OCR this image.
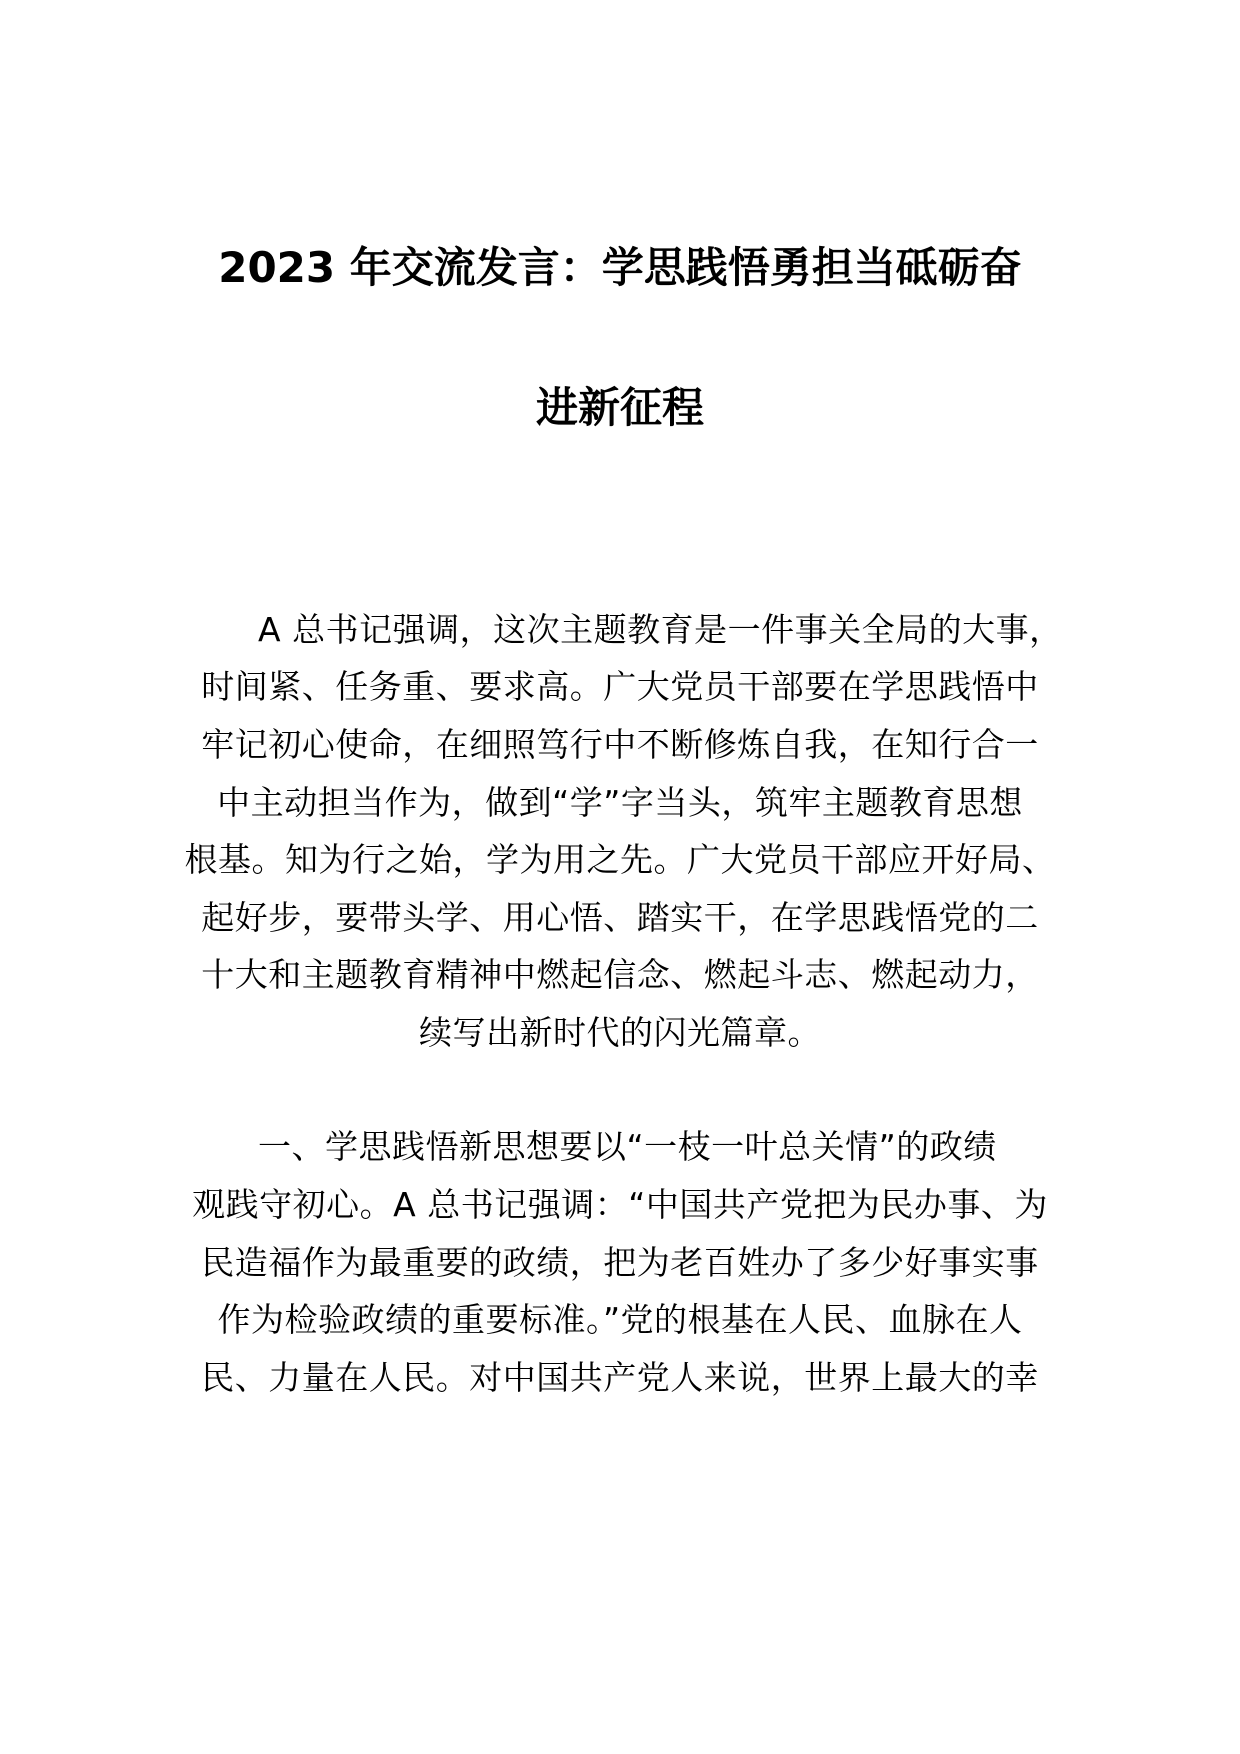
2023 年交流发言：学思践悟勇担当砥砺奋
进新征程
A 总书记强调，这次主题教育是一件事关全局的大事，
时间紧、任务重、要求高。广大党员干部要在学思践悟中
牢记初心使命，在细照笃行中不断修炼自我，在知行合一
中主动担当作为，做到“学”字当头，筑牢主题教育思想
根基。知为行之始，学为用之先。广大党员干部应开好局、
起好步，要带头学、用心悟、踏实干，在学思践悟党的二
十大和主题教育精神中燃起信念、燃起斗志、燃起动力，
续写出新时代的闪光篇章。
一、学思践悟新思想要以“一枝一叶总关情”的政绩
观践守初心。A 总书记强调：“中国共产党把为民办事、为
民造福作为最重要的政绩，把为老百姓办了多少好事实事
作为检验政绩的重要标准。”党的根基在人民、血脉在人
民、力量在人民。对中国共产党人来说，世界上最大的幸
